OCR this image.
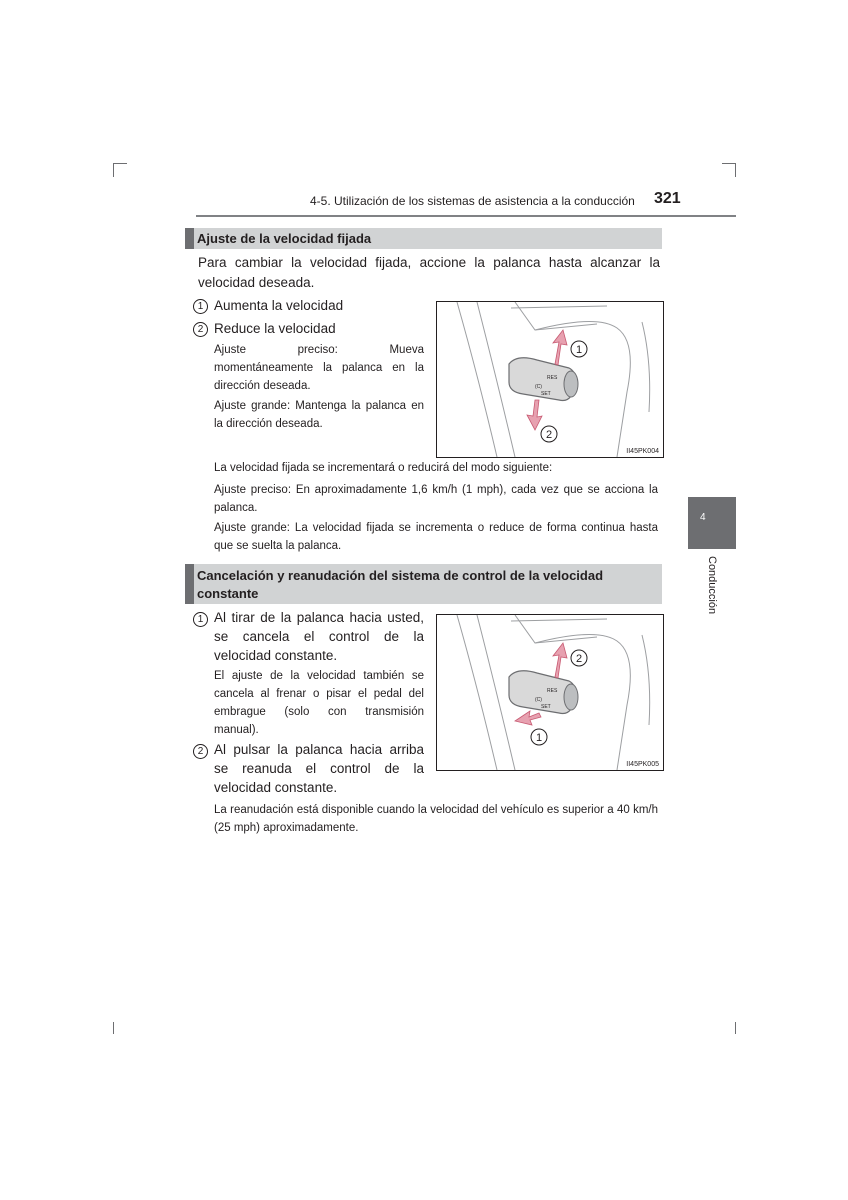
4-5. Utilización de los sistemas de asistencia a la conducción 321
4
Conducción
Ajuste de la velocidad fijada
Para cambiar la velocidad fijada, accione la palanca hasta alcanzar la velocidad deseada.
1 Aumenta la velocidad
2 Reduce la velocidad
Ajuste preciso: Mueva momentáneamente la palanca en la dirección deseada.
Ajuste grande: Mantenga la palanca en la dirección deseada.
RES
SET
(C)
1
2
II45PK004
La velocidad fijada se incrementará o reducirá del modo siguiente:
Ajuste preciso: En aproximadamente 1,6 km/h (1 mph), cada vez que se acciona la palanca.
Ajuste grande: La velocidad fijada se incrementa o reduce de forma continua hasta que se suelta la palanca.
Cancelación y reanudación del sistema de control de la velocidad constante
1 Al tirar de la palanca hacia usted, se cancela el control de la velocidad constante.
El ajuste de la velocidad también se cancela al frenar o pisar el pedal del embrague (solo con transmisión manual).
2 Al pulsar la palanca hacia arriba se reanuda el control de la velocidad constante.
RES
SET
(C)
2
1
II45PK005
La reanudación está disponible cuando la velocidad del vehículo es superior a 40 km/h (25 mph) aproximadamente.
